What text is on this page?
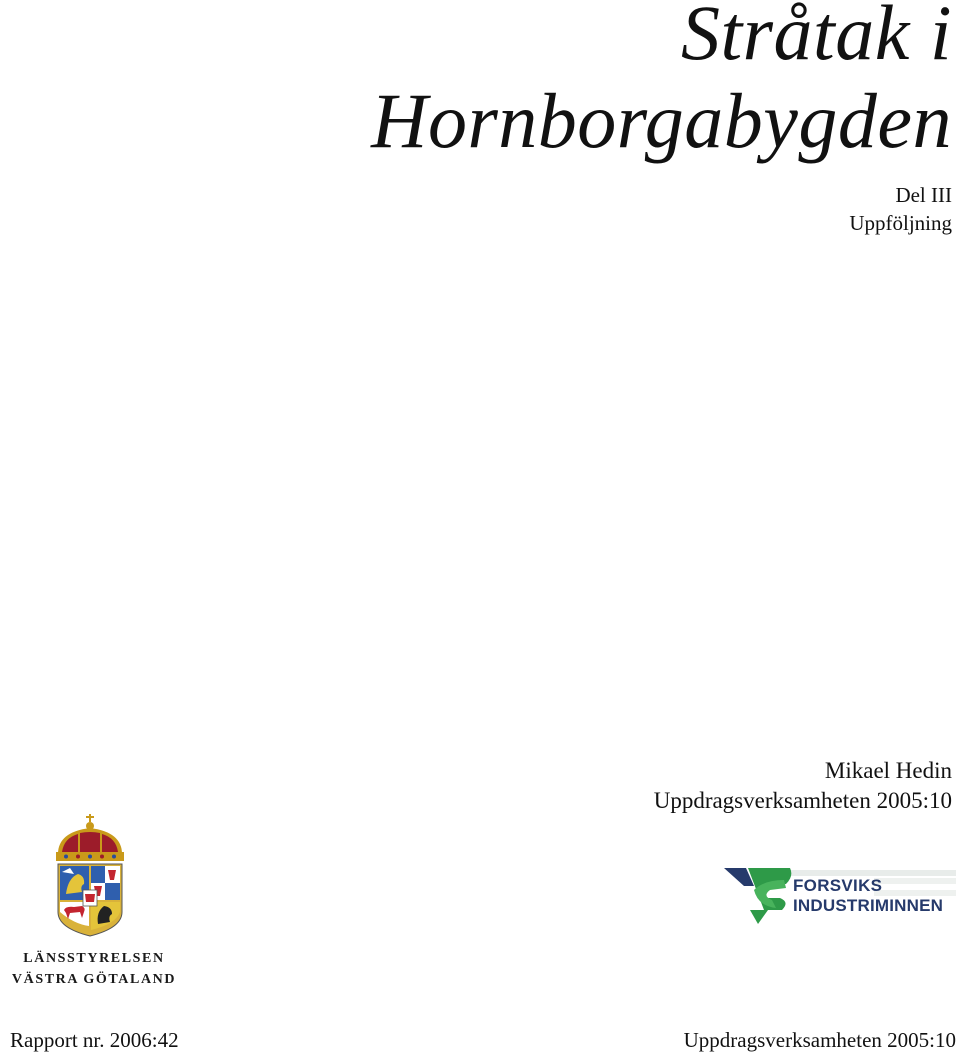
Stråtak i
Hornborgabygden
Del III
Uppföljning
Mikael Hedin
Uppdragsverksamheten 2005:10
LÄNSSTYRELSEN
VÄSTRA GÖTALAND
FORSVIKS
INDUSTRIMINNEN
Rapport nr. 2006:42	Uppdragsverksamheten 2005:10
